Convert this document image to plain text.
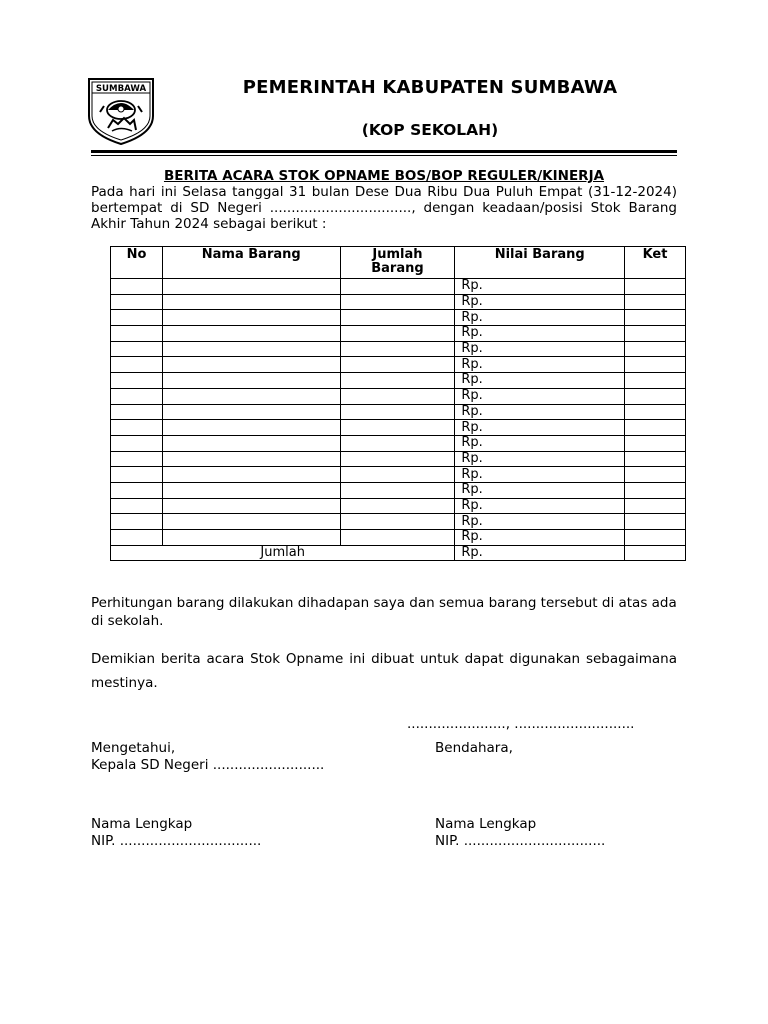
SUMBAWA	PEMERINTAH KABUPATEN SUMBAWA
(KOP SEKOLAH)
BERITA ACARA STOK OPNAME BOS/BOP REGULER/KINERJA
Pada hari ini Selasa tanggal 31 bulan Dese Dua Ribu Dua Puluh Empat (31-12-2024) bertempat di SD Negeri ................................., dengan keadaan/posisi Stok Barang Akhir Tahun 2024 sebagai berikut :
No	Nama Barang	Jumlah Barang	Nilai Barang	Ket
			Rp.	
			Rp.	
			Rp.	
			Rp.	
			Rp.	
			Rp.	
			Rp.	
			Rp.	
			Rp.	
			Rp.	
			Rp.	
			Rp.	
			Rp.	
			Rp.	
			Rp.	
			Rp.	
			Rp.	
Jumlah			Rp.	
Perhitungan barang dilakukan dihadapan saya dan semua barang tersebut di atas ada di sekolah.
Demikian berita acara Stok Opname ini dibuat untuk dapat digunakan sebagaimana mestinya.
......................., ............................
Mengetahui,
Kepala SD Negeri ..........................
Bendahara,
Nama Lengkap
NIP. .................................
Nama Lengkap
NIP. .................................
